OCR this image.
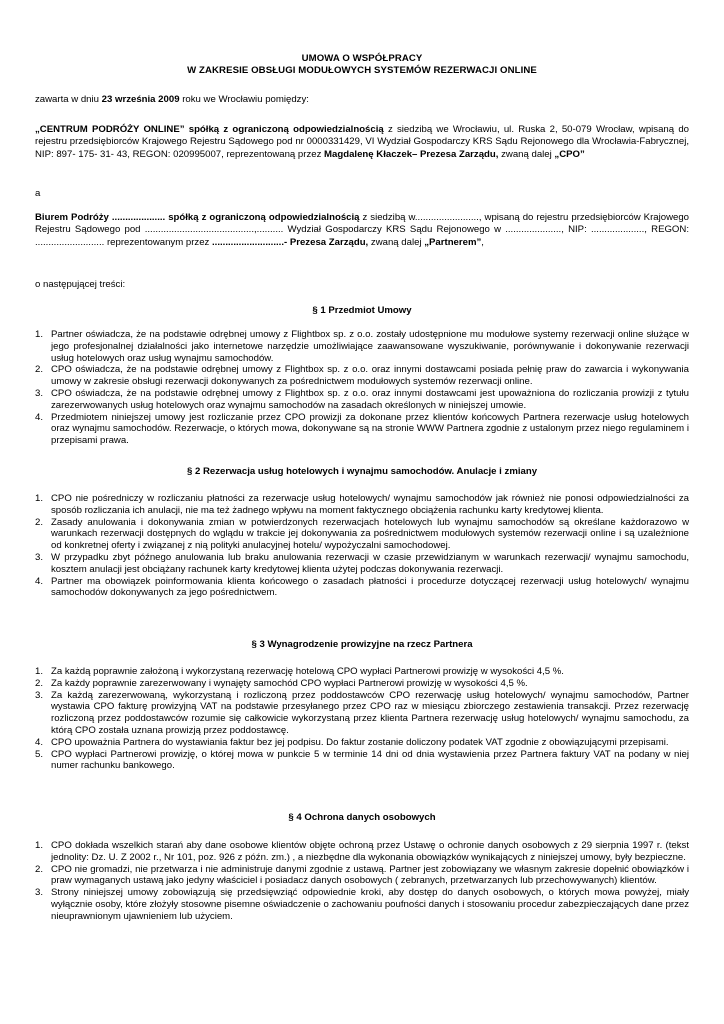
UMOWA O WSPÓŁPRACY
W ZAKRESIE OBSŁUGI MODUŁOWYCH SYSTEMÓW REZERWACJI ONLINE
zawarta w dniu 23 września 2009 roku we Wrocławiu pomiędzy:
„CENTRUM PODRÓŻY ONLINE” spółką z ograniczoną odpowiedzialnością z siedzibą we Wrocławiu, ul. Ruska 2, 50-079 Wrocław, wpisaną do rejestru przedsiębiorców Krajowego Rejestru Sądowego pod nr 0000331429, VI Wydział Gospodarczy KRS Sądu Rejonowego dla Wrocławia-Fabrycznej, NIP: 897- 175- 31- 43, REGON: 020995007, reprezentowaną przez Magdalenę Kłaczek– Prezesa Zarządu, zwaną dalej „CPO”
a
Biurem Podróży .................... spółką z ograniczoną odpowiedzialnością z siedzibą w........................, wpisaną do rejestru przedsiębiorców Krajowego Rejestru Sądowego pod .........................................,.......... Wydział Gospodarczy KRS Sądu Rejonowego w ....................., NIP: ...................., REGON: .......................... reprezentowanym przez ...........................- Prezesa Zarządu, zwaną dalej „Partnerem”,
o następującej treści:
§ 1 Przedmiot Umowy
1. Partner oświadcza, że na podstawie odrębnej umowy z Flightbox sp. z o.o. zostały udostępnione mu modułowe systemy rezerwacji online służące w jego profesjonalnej działalności jako internetowe narzędzie umożliwiające zaawansowane wyszukiwanie, porównywanie i dokonywanie rezerwacji usług hotelowych oraz usług wynajmu samochodów.
2. CPO oświadcza, że na podstawie odrębnej umowy z Flightbox sp. z o.o. oraz innymi dostawcami posiada pełnię praw do zawarcia i wykonywania umowy w zakresie obsługi rezerwacji dokonywanych za pośrednictwem modułowych systemów rezerwacji online.
3. CPO oświadcza, że na podstawie odrębnej umowy z Flightbox sp. z o.o. oraz innymi dostawcami jest upoważniona do rozliczania prowizji z tytułu zarezerwowanych usług hotelowych oraz wynajmu samochodów na zasadach określonych w niniejszej umowie.
4. Przedmiotem niniejszej umowy jest rozliczanie przez CPO prowizji za dokonane przez klientów końcowych Partnera rezerwacje usług hotelowych oraz wynajmu samochodów. Rezerwacje, o których mowa, dokonywane są na stronie WWW Partnera zgodnie z ustalonym przez niego regulaminem i przepisami prawa.
§ 2 Rezerwacja usług hotelowych i wynajmu samochodów. Anulacje i zmiany
1. CPO nie pośredniczy w rozliczaniu płatności za rezerwacje usług hotelowych/ wynajmu samochodów jak również nie ponosi odpowiedzialności za sposób rozliczania ich anulacji, nie ma też żadnego wpływu na moment faktycznego obciążenia rachunku karty kredytowej klienta.
2. Zasady anulowania i dokonywania zmian w potwierdzonych rezerwacjach hotelowych lub wynajmu samochodów są określane każdorazowo w warunkach rezerwacji dostępnych do wglądu w trakcie jej dokonywania za pośrednictwem modułowych systemów rezerwacji online i są uzależnione od konkretnej oferty i związanej z nią polityki anulacyjnej hotelu/ wypożyczalni samochodowej.
3. W przypadku zbyt późnego anulowania lub braku anulowania rezerwacji w czasie przewidzianym w warunkach rezerwacji/ wynajmu samochodu, kosztem anulacji jest obciążany rachunek karty kredytowej klienta użytej podczas dokonywania rezerwacji.
4. Partner ma obowiązek poinformowania klienta końcowego o zasadach płatności i procedurze dotyczącej rezerwacji usług hotelowych/ wynajmu samochodów dokonywanych za jego pośrednictwem.
§ 3 Wynagrodzenie prowizyjne na rzecz Partnera
1. Za każdą poprawnie założoną i wykorzystaną rezerwację hotelową CPO wypłaci Partnerowi prowizję w wysokości 4,5 %.
2. Za każdy poprawnie zarezerwowany i wynajęty samochód CPO wypłaci Partnerowi prowizję w wysokości 4,5 %.
3. Za każdą zarezerwowaną, wykorzystaną i rozliczoną przez poddostawców CPO rezerwację usług hotelowych/ wynajmu samochodów, Partner wystawia CPO fakturę prowizyjną VAT na podstawie przesyłanego przez CPO raz w miesiącu zbiorczego zestawienia transakcji. Przez rezerwację rozliczoną przez poddostawców rozumie się całkowicie wykorzystaną przez klienta Partnera rezerwację usług hotelowych/ wynajmu samochodu, za którą CPO została uznana prowizją przez poddostawcę.
4. CPO upoważnia Partnera do wystawiania faktur bez jej podpisu. Do faktur zostanie doliczony podatek VAT zgodnie z obowiązującymi przepisami.
5. CPO wypłaci Partnerowi prowizję, o której mowa w punkcie 5 w terminie 14 dni od dnia wystawienia przez Partnera faktury VAT na podany w niej numer rachunku bankowego.
§ 4 Ochrona danych osobowych
1. CPO dokłada wszelkich starań aby dane osobowe klientów objęte ochroną przez Ustawę o ochronie danych osobowych z 29 sierpnia 1997 r. (tekst jednolity: Dz. U. Z 2002 r., Nr 101, poz. 926 z późn. zm.) , a niezbędne dla wykonania obowiązków wynikających z niniejszej umowy, były bezpieczne.
2. CPO nie gromadzi, nie przetwarza i nie administruje danymi zgodnie z ustawą. Partner jest zobowiązany we własnym zakresie dopełnić obowiązków i praw wymaganych ustawą jako jedyny właściciel i posiadacz danych osobowych ( zebranych, przetwarzanych lub przechowywanych) klientów.
3. Strony niniejszej umowy zobowiązują się przedsięwziąć odpowiednie kroki, aby dostęp do danych osobowych, o których mowa powyżej, miały wyłącznie osoby, które złożyły stosowne pisemne oświadczenie o zachowaniu poufności danych i stosowaniu procedur zabezpieczających dane przez nieuprawnionym ujawnieniem lub użyciem.
